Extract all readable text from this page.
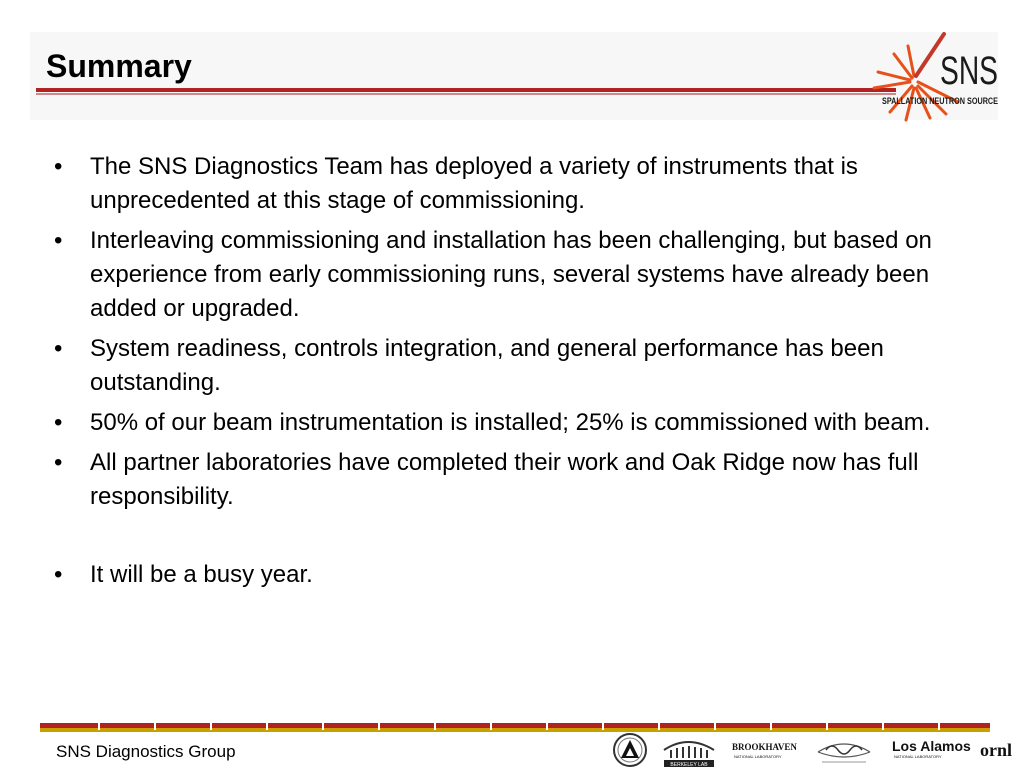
Summary	SNS
SPALLATION NEUTRON SOURCE
• The SNS Diagnostics Team has deployed a variety of instruments that is unprecedented at this stage of commissioning.
• Interleaving commissioning and installation has been challenging, but based on experience from early commissioning runs, several systems have already been added or upgraded.
• System readiness, controls integration, and general performance has been outstanding.
• 50% of our beam instrumentation is installed; 25% is commissioned with beam.
• All partner laboratories have completed their work and Oak Ridge now has full responsibility.
• It will be a busy year.
SNS Diagnostics Group
BERKELEY LAB
BROOKHAVEN
NATIONAL LABORATORY
Los Alamos
NATIONAL LABORATORY ornl
